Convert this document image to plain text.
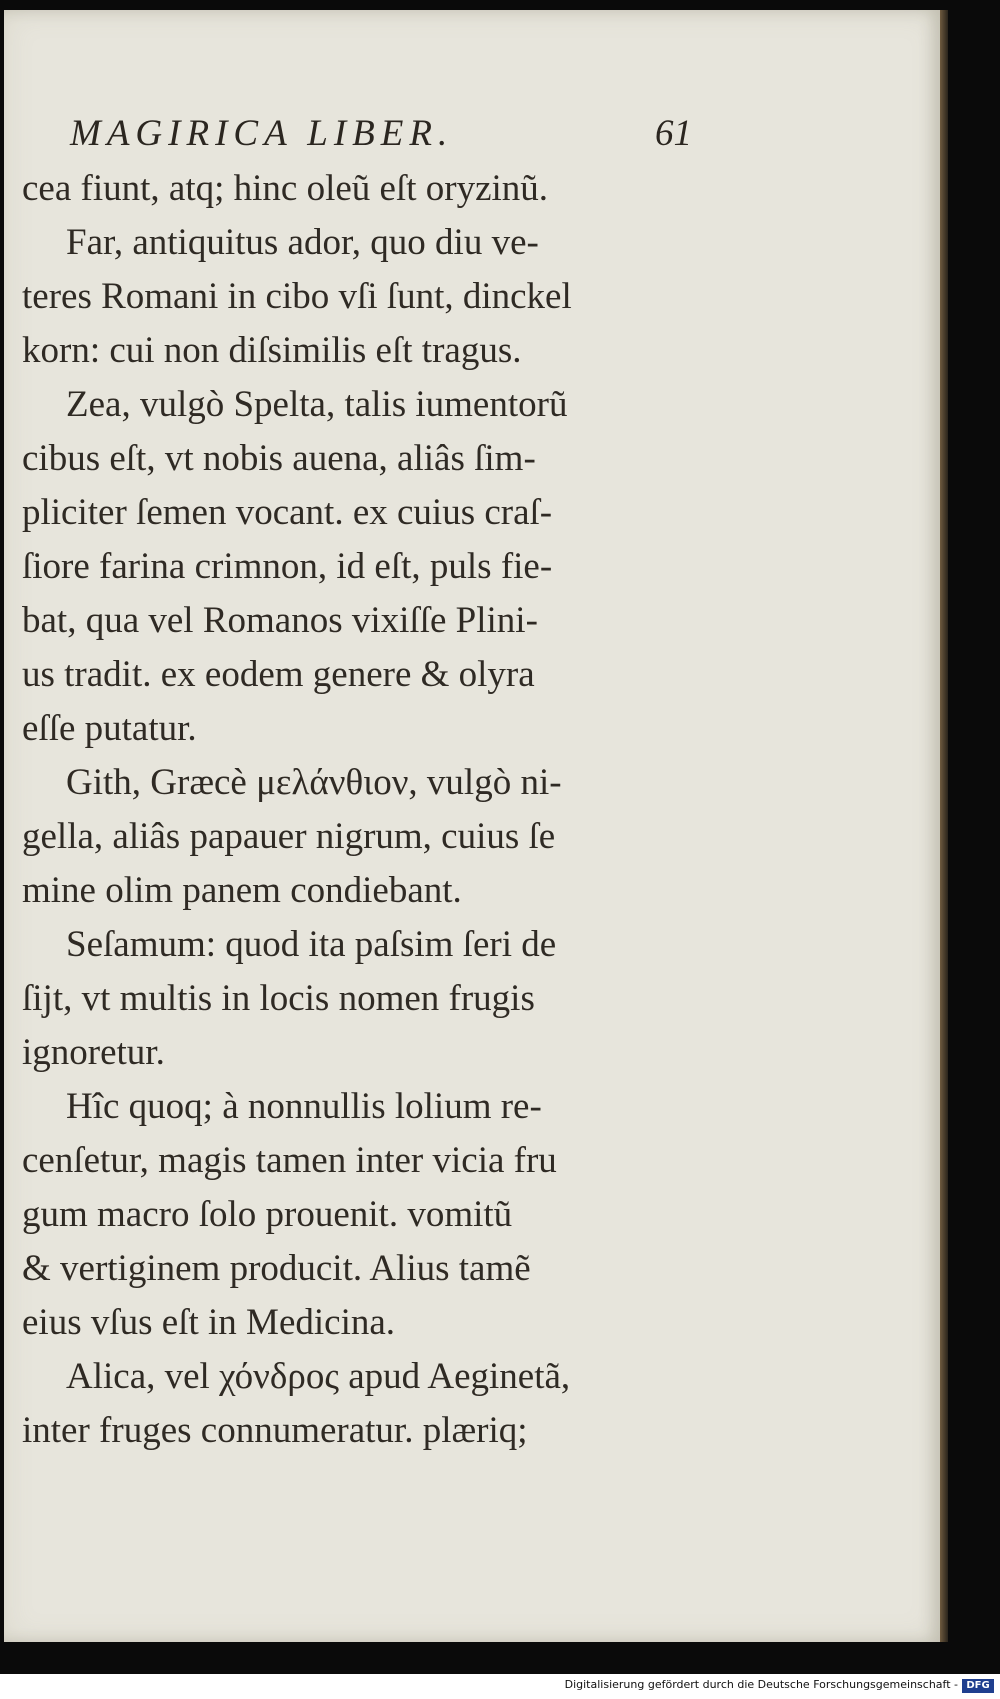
MAGIRICA LIBER.	61
cea fiunt, atq; hinc oleũ eſt oryzinũ.
Far, antiquitus ador, quo diu ve-
teres Romani in cibo vſi ſunt, dinckel
korn: cui non diſsimilis eſt tragus.
Zea, vulgò Spelta, talis iumentorũ
cibus eſt, vt nobis auena, aliâs ſim-
pliciter ſemen vocant. ex cuius craſ-
ſiore farina crimnon, id eſt, puls fie-
bat, qua vel Romanos vixiſſe Plini-
us tradit. ex eodem genere & olyra
eſſe putatur.
Gith, Græcè μελάνθιον, vulgò ni-
gella, aliâs papauer nigrum, cuius ſe
mine olim panem condiebant.
Seſamum: quod ita paſsim ſeri de
ſijt, vt multis in locis nomen frugis
ignoretur.
Hîc quoq; à nonnullis lolium re-
cenſetur, magis tamen inter vicia fru
gum macro ſolo prouenit. vomitũ
& vertiginem producit. Alius tamẽ
eius vſus eſt in Medicina.
Alica, vel χόνδρος apud Aeginetã,
inter fruges connumeratur. plæriq;
Digitalisierung gefördert durch die Deutsche Forschungsgemeinschaft - DFG
